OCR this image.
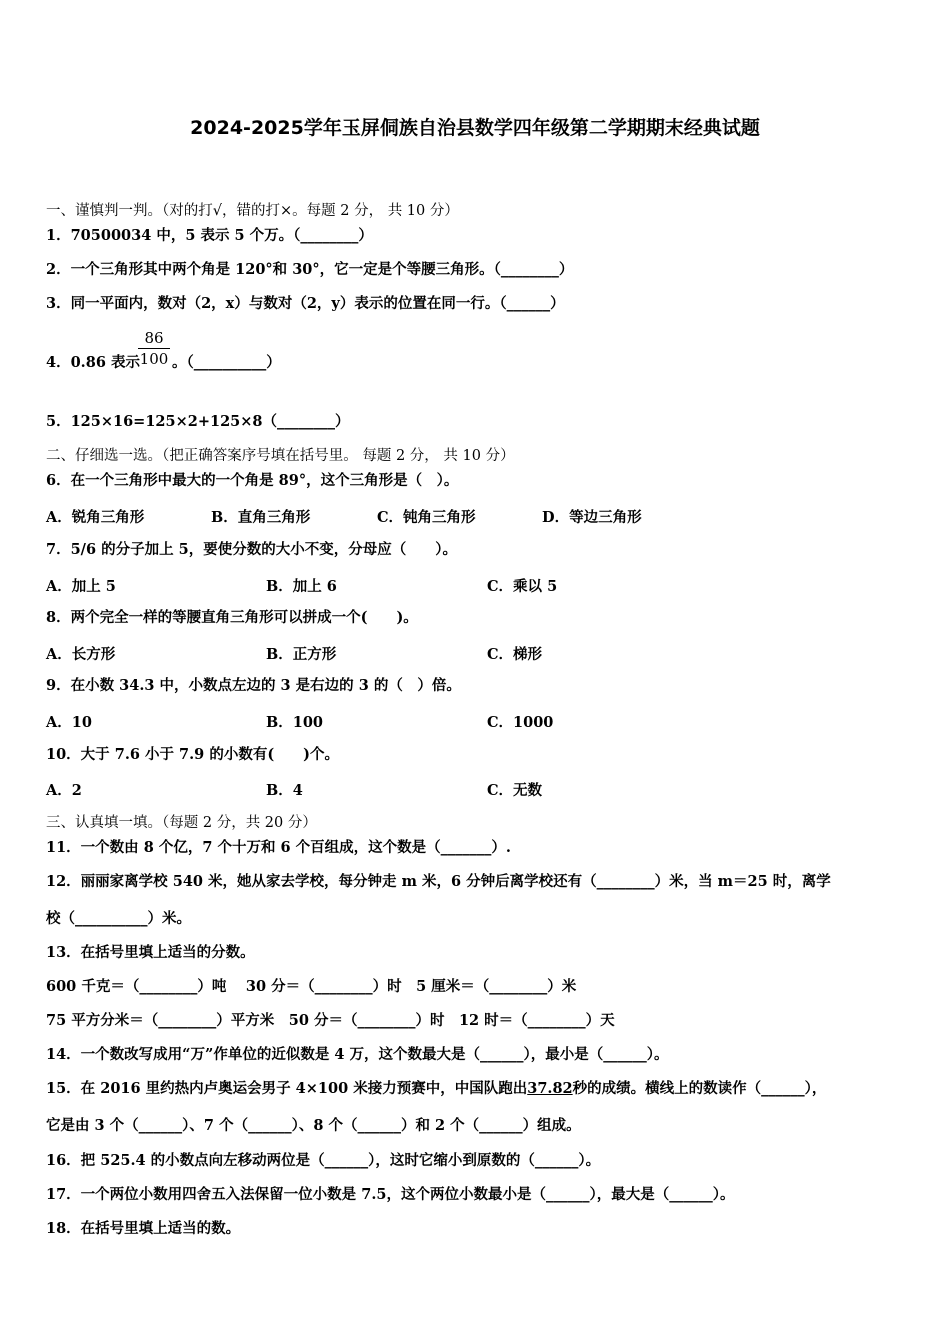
2024-2025学年玉屏侗族自治县数学四年级第二学期期末经典试题
一、谨慎判一判。（对的打√，错的打×。每题 2 分， 共 10 分）
1．70500034 中，5 表示 5 个万。（________）
2．一个三角形其中两个角是 120°和 30°，它一定是个等腰三角形。（________）
3．同一平面内，数对（2，x）与数对（2，y）表示的位置在同一行。（______）
4．0.86 表示
$\frac{86}{100}$ 。（__________）
5．125×16=125×2+125×8（________）
二、仔细选一选。（把正确答案序号填在括号里。 每题 2 分， 共 10 分）
6．在一个三角形中最大的一个角是 89°，这个三角形是（　）。
A．锐角三角形	B．直角三角形	C．钝角三角形	D．等边三角形
7．5/6 的分子加上 5，要使分数的大小不变，分母应（　　）。
A．加上 5	B．加上 6	C．乘以 5
8．两个完全一样的等腰直角三角形可以拼成一个(　　)。
A．长方形	B．正方形	C．梯形
9．在小数 34.3 中，小数点左边的 3 是右边的 3 的（　）倍。
A．10	B．100	C．1000
10．大于 7.6 小于 7.9 的小数有(　　)个。
A．2	B．4	C．无数
三、认真填一填。（每题 2 分，共 20 分）
11．一个数由 8 个亿，7 个十万和 6 个百组成，这个数是（_______）.
12．丽丽家离学校 540 米，她从家去学校，每分钟走 m 米，6 分钟后离学校还有（________）米，当 m＝25 时，离学
校（__________）米。
13．在括号里填上适当的分数。
600 千克＝（________）吨　 30 分＝（________）时　5 厘米＝（________）米
75 平方分米＝（________）平方米　50 分＝（________）时　12 时＝（________）天
14．一个数改写成用“万”作单位的近似数是 4 万，这个数最大是（______），最小是（______）。
15．在 2016 里约热内卢奥运会男子 4×100 米接力预赛中，中国队跑出37.82秒的成绩。横线上的数读作（______），
它是由 3 个（______）、7 个（______）、8 个（______）和 2 个（______）组成。
16．把 525.4 的小数点向左移动两位是（______），这时它缩小到原数的（______）。
17．一个两位小数用四舍五入法保留一位小数是 7.5，这个两位小数最小是（______），最大是（______）。
18．在括号里填上适当的数。
